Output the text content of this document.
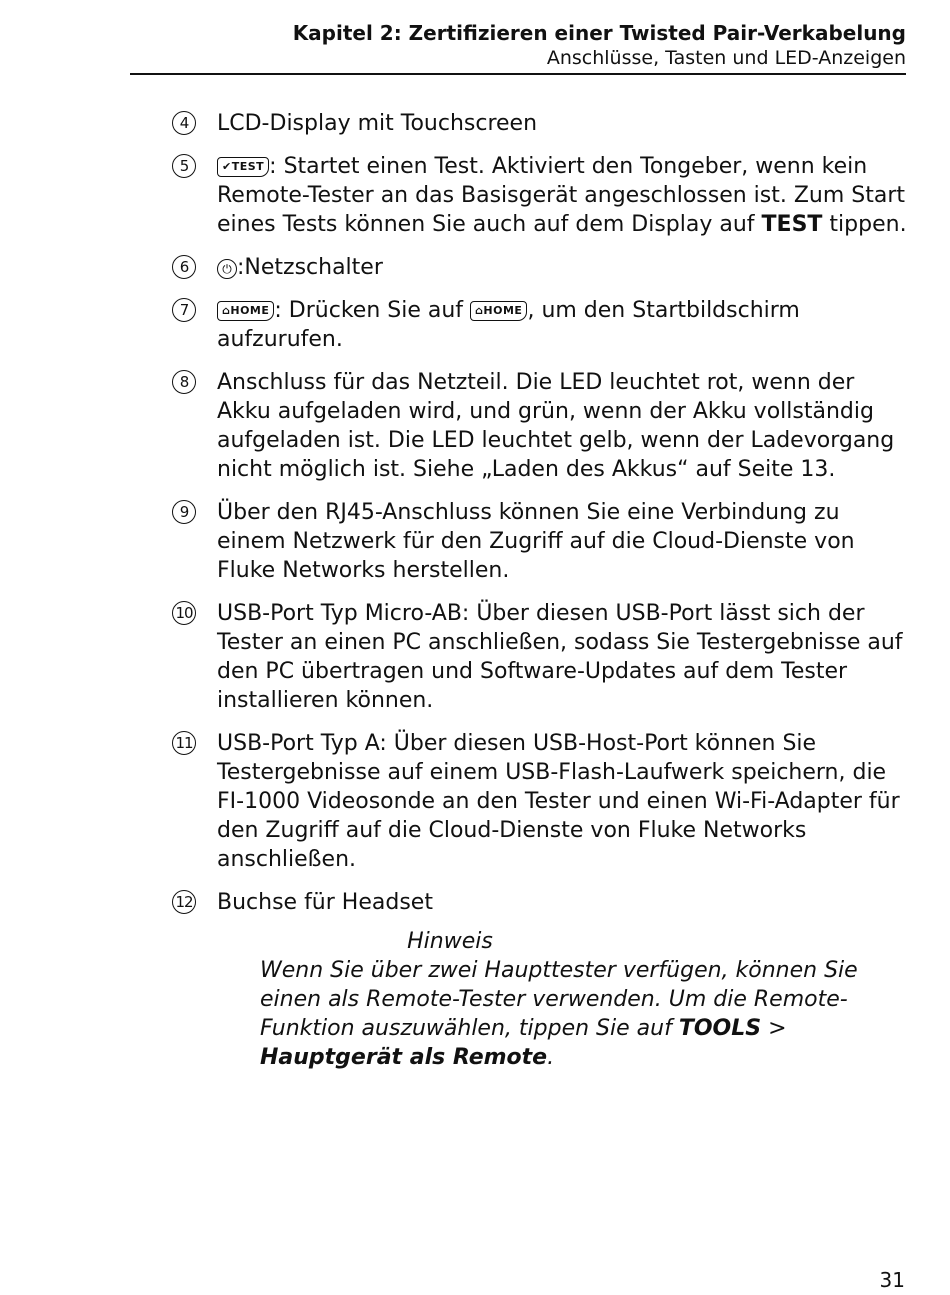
Kapitel 2: Zertifizieren einer Twisted Pair-Verkabelung
Anschlüsse, Tasten und LED-Anzeigen
4	LCD-Display mit Touchscreen
5	✔TEST : Startet einen Test. Aktiviert den Tongeber, wenn kein Remote-Tester an das Basisgerät angeschlossen ist. Zum Start eines Tests können Sie auch auf dem Display auf TEST tippen.
6	⏻ :Netzschalter
7	⌂HOME : Drücken Sie auf ⌂HOME , um den Startbildschirm aufzurufen.
8	Anschluss für das Netzteil. Die LED leuchtet rot, wenn der Akku aufgeladen wird, und grün, wenn der Akku vollständig aufgeladen ist. Die LED leuchtet gelb, wenn der Ladevorgang nicht möglich ist. Siehe „Laden des Akkus“ auf Seite 13.
9	Über den RJ45-Anschluss können Sie eine Verbindung zu einem Netzwerk für den Zugriff auf die Cloud-Dienste von Fluke Networks herstellen.
10 USB-Port Typ Micro-AB: Über diesen USB-Port lässt sich der Tester an einen PC anschließen, sodass Sie Testergebnisse auf den PC übertragen und Software-Updates auf dem Tester installieren können.
11 USB-Port Typ A: Über diesen USB-Host-Port können Sie Testergebnisse auf einem USB-Flash-Laufwerk speichern, die FI-1000 Videosonde an den Tester und einen Wi-Fi-Adapter für den Zugriff auf die Cloud-Dienste von Fluke Networks anschließen.
12 Buchse für Headset
Hinweis
Wenn Sie über zwei Haupttester verfügen, können Sie einen als Remote-Tester verwenden. Um die Remote-Funktion auszuwählen, tippen Sie auf TOOLS > Hauptgerät als Remote.
31
